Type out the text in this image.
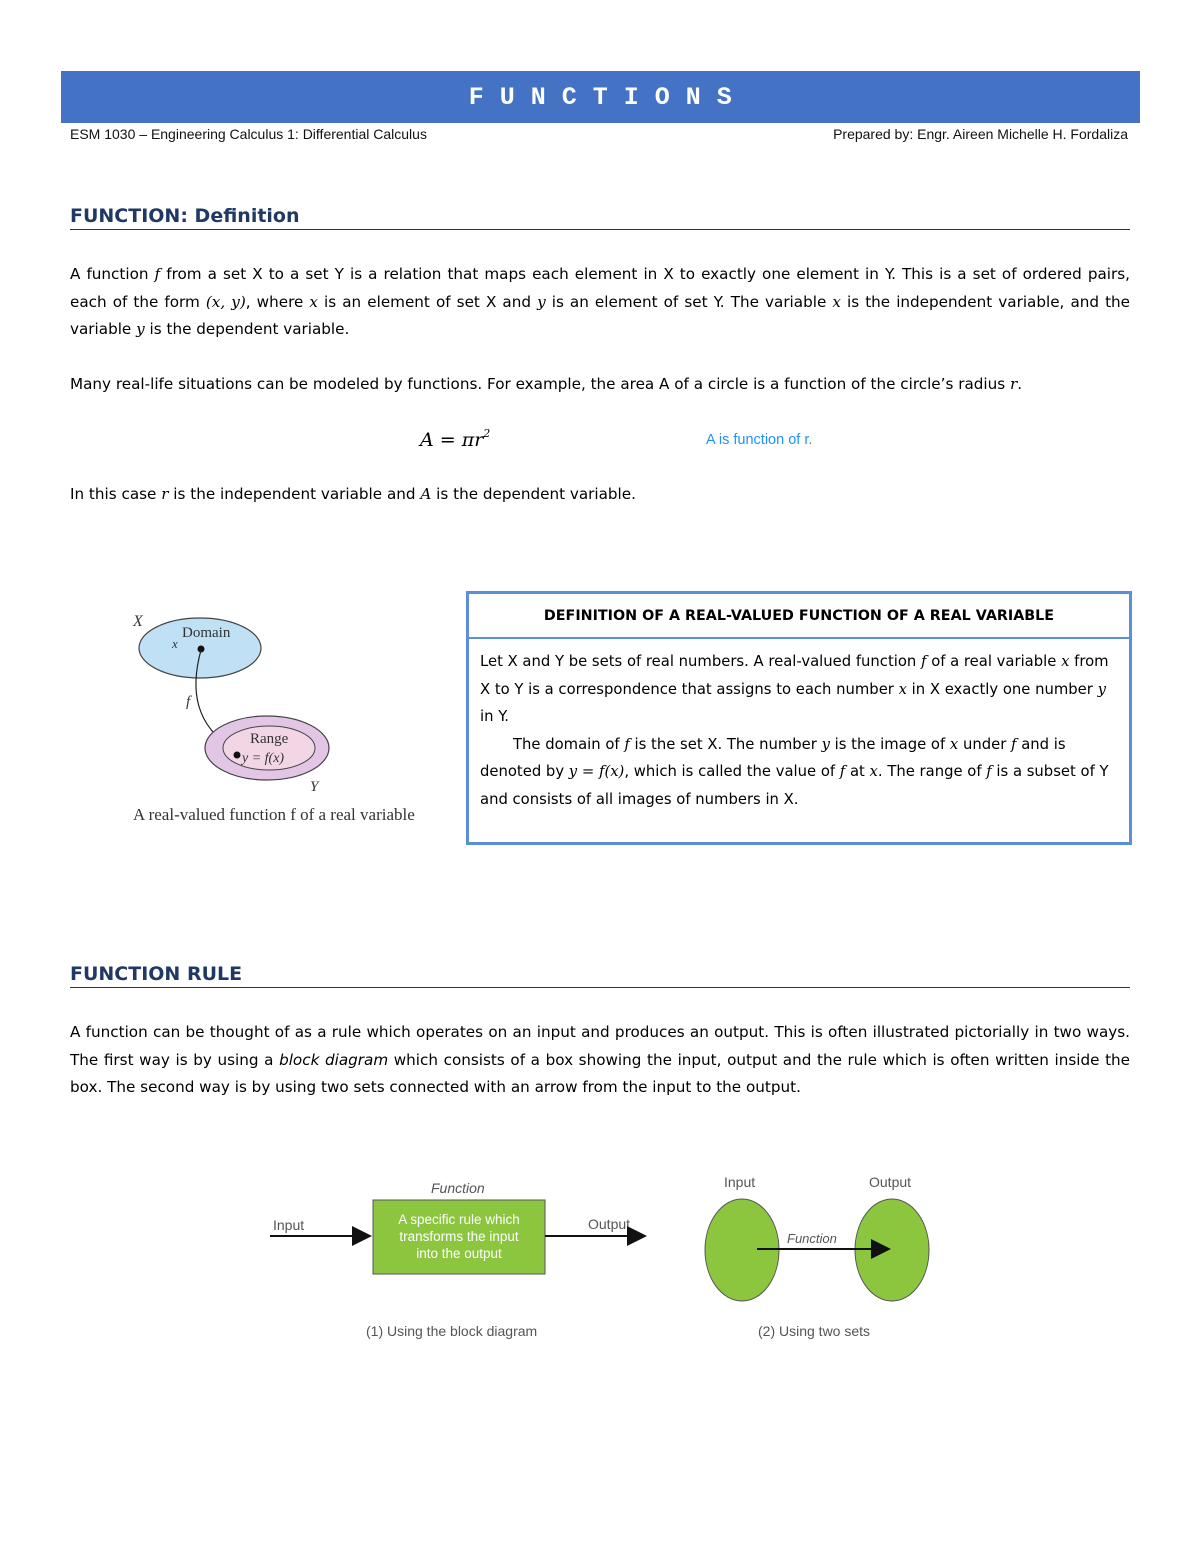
F U N C T I O N S
ESM 1030 – Engineering Calculus 1: Differential Calculus	Prepared by: Engr. Aireen Michelle H. Fordaliza
FUNCTION: Definition
A function f from a set X to a set Y is a relation that maps each element in X to exactly one element in Y. This is a set of ordered pairs, each of the form (x, y), where x is an element of set X and y is an element of set Y. The variable x is the independent variable, and the variable y is the dependent variable.
Many real-life situations can be modeled by functions. For example, the area A of a circle is a function of the circle’s radius r.
$A = \pi r^2$	A is function of r.
In this case r is the independent variable and A is the dependent variable.
X
Domain
x
f
Range
y = f(x)
Y
A real-valued function f of a real variable
DEFINITION OF A REAL-VALUED FUNCTION OF A REAL VARIABLE
Let X and Y be sets of real numbers. A real-valued function f of a real variable x from X to Y is a correspondence that assigns to each number x in X exactly one number y in Y.
The domain of f is the set X. The number y is the image of x under f and is denoted by y = f(x), which is called the value of f at x. The range of f is a subset of Y and consists of all images of numbers in X.
FUNCTION RULE
A function can be thought of as a rule which operates on an input and produces an output. This is often illustrated pictorially in two ways. The first way is by using a block diagram which consists of a box showing the input, output and the rule which is often written inside the box. The second way is by using two sets connected with an arrow from the input to the output.
Function
Input	A specific rule which
transforms the input
into the output
Output
(1) Using the block diagram
Input	Output
Function
(2) Using two sets
